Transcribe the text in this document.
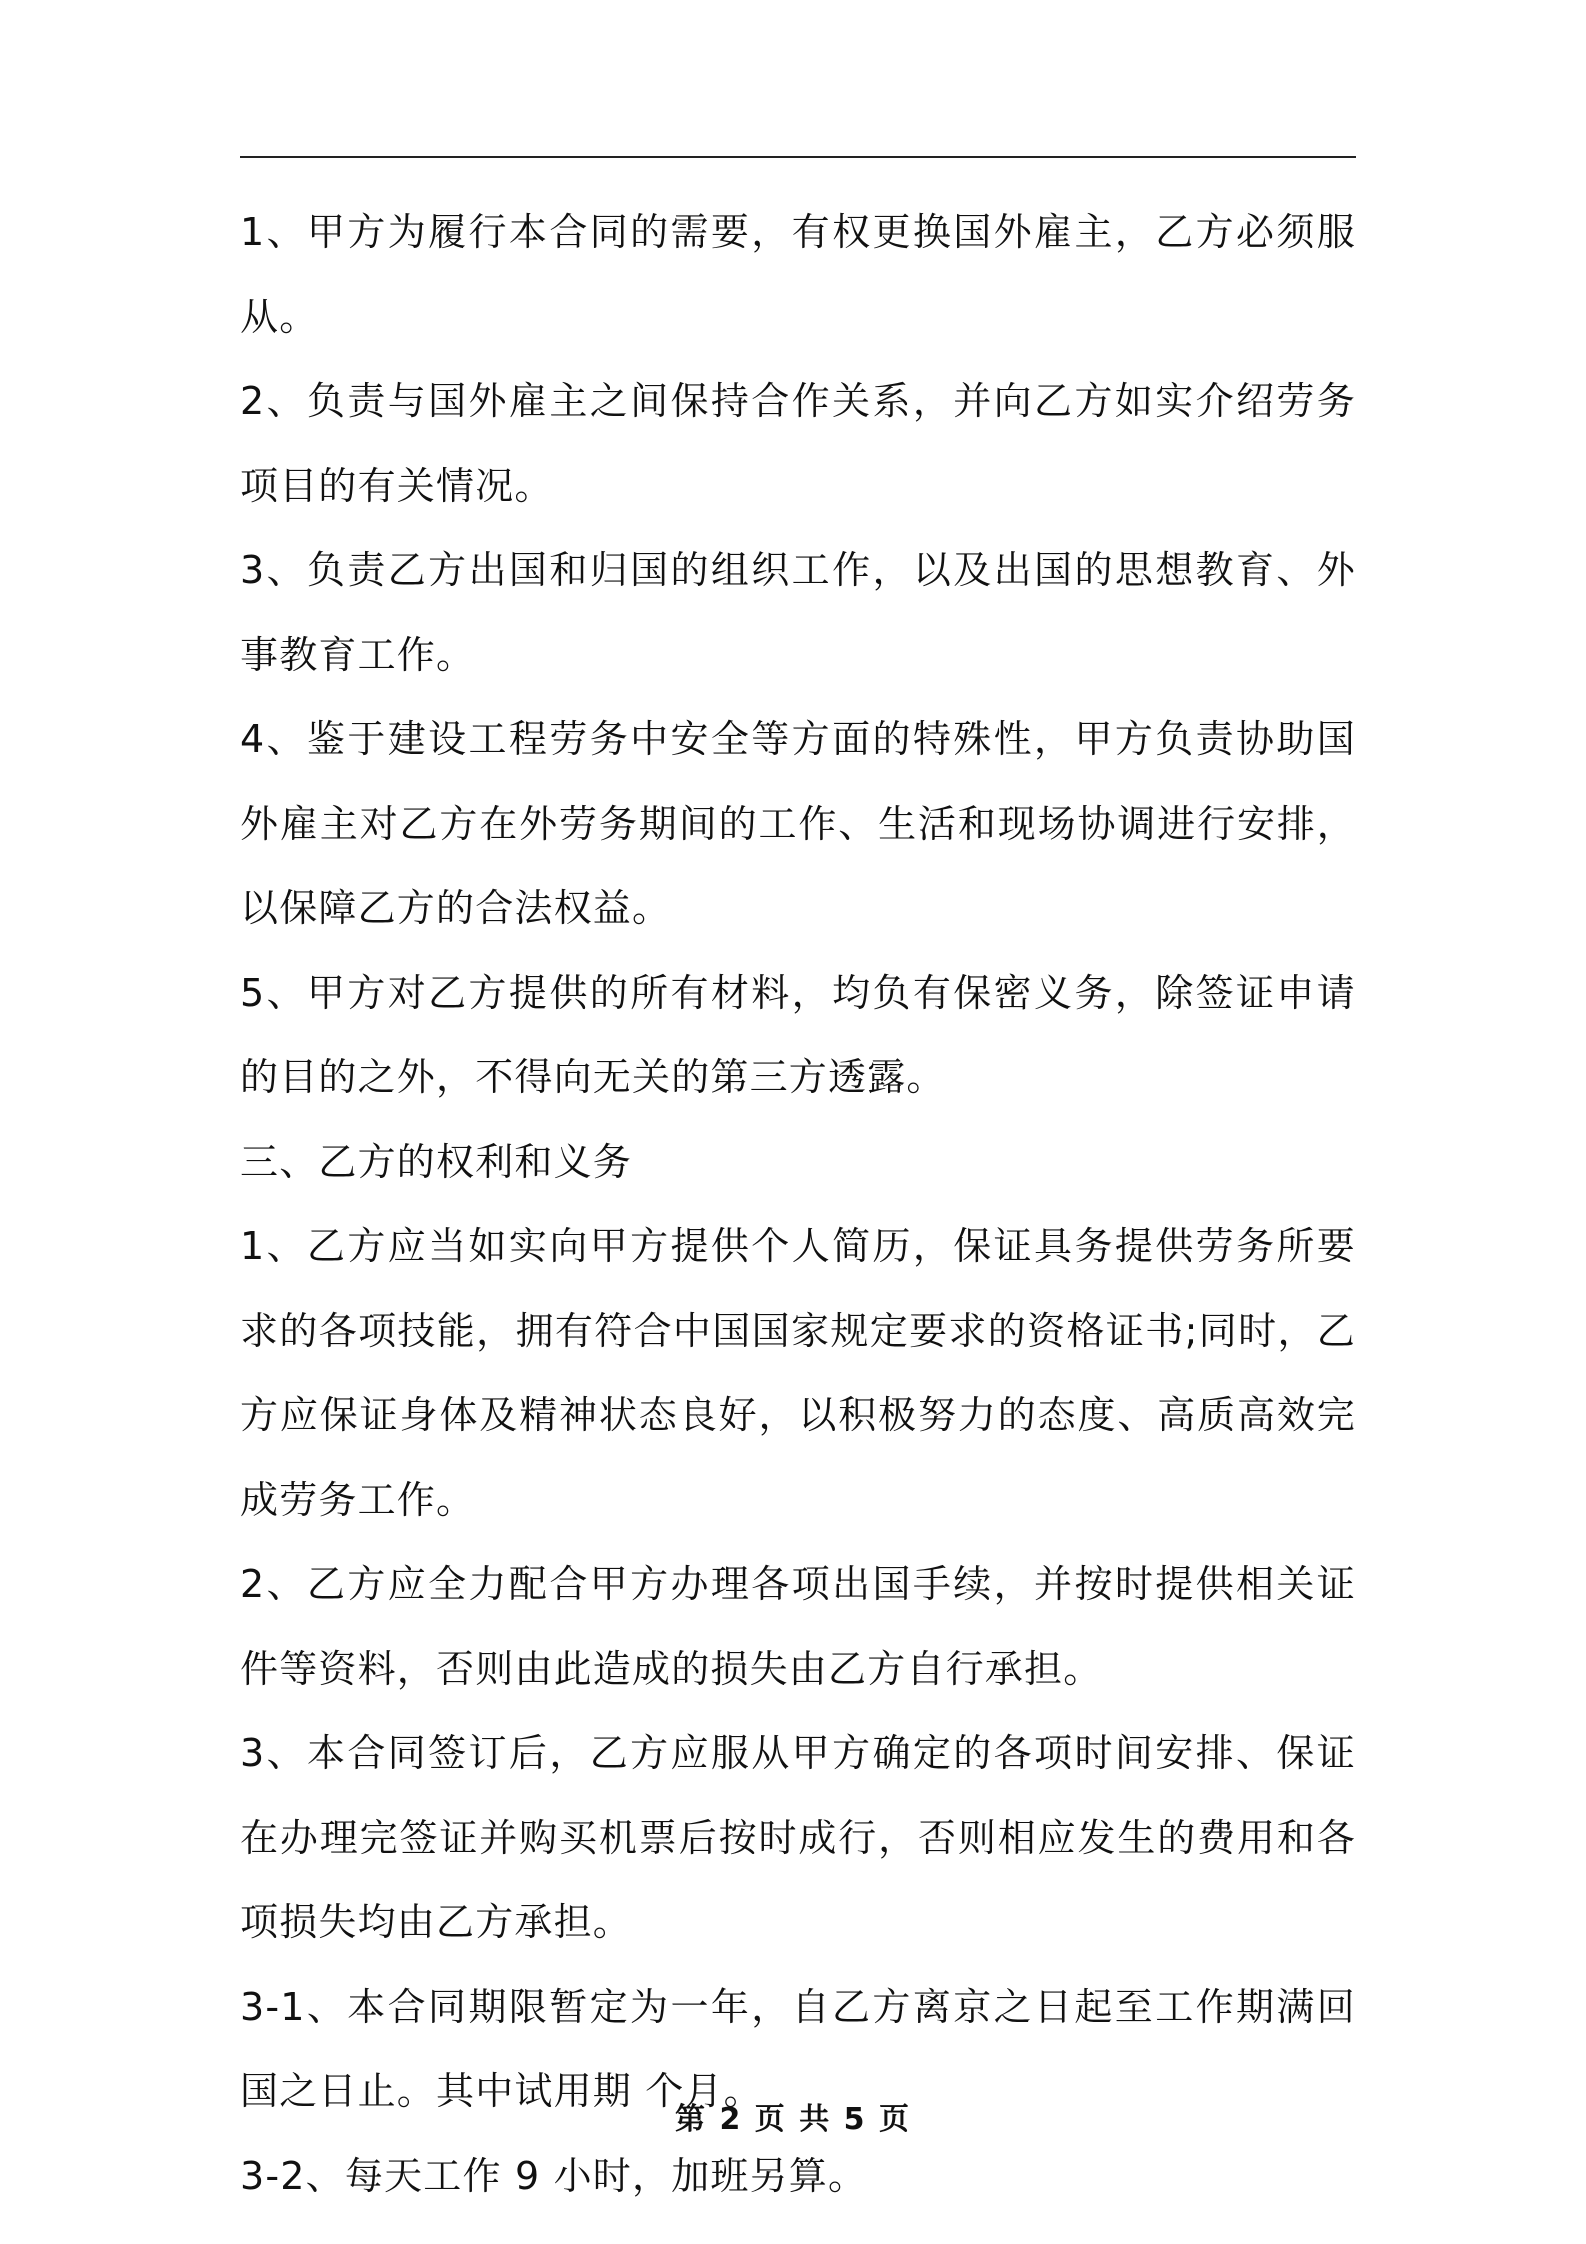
1、甲方为履行本合同的需要，有权更换国外雇主，乙方必须服从。

2、负责与国外雇主之间保持合作关系，并向乙方如实介绍劳务项目的有关情况。

3、负责乙方出国和归国的组织工作，以及出国的思想教育、外事教育工作。

4、鉴于建设工程劳务中安全等方面的特殊性，甲方负责协助国外雇主对乙方在外劳务期间的工作、生活和现场协调进行安排，以保障乙方的合法权益。

5、甲方对乙方提供的所有材料，均负有保密义务，除签证申请的目的之外，不得向无关的第三方透露。

三、乙方的权利和义务

1、乙方应当如实向甲方提供个人简历，保证具务提供劳务所要求的各项技能，拥有符合中国国家规定要求的资格证书;同时，乙方应保证身体及精神状态良好，以积极努力的态度、高质高效完成劳务工作。

2、乙方应全力配合甲方办理各项出国手续，并按时提供相关证件等资料，否则由此造成的损失由乙方自行承担。

3、本合同签订后，乙方应服从甲方确定的各项时间安排、保证在办理完签证并购买机票后按时成行，否则相应发生的费用和各项损失均由乙方承担。

3-1、本合同期限暂定为一年，自乙方离京之日起至工作期满回国之日止。其中试用期 个月。

3-2、每天工作 9 小时，加班另算。

第 2 页 共 5 页
